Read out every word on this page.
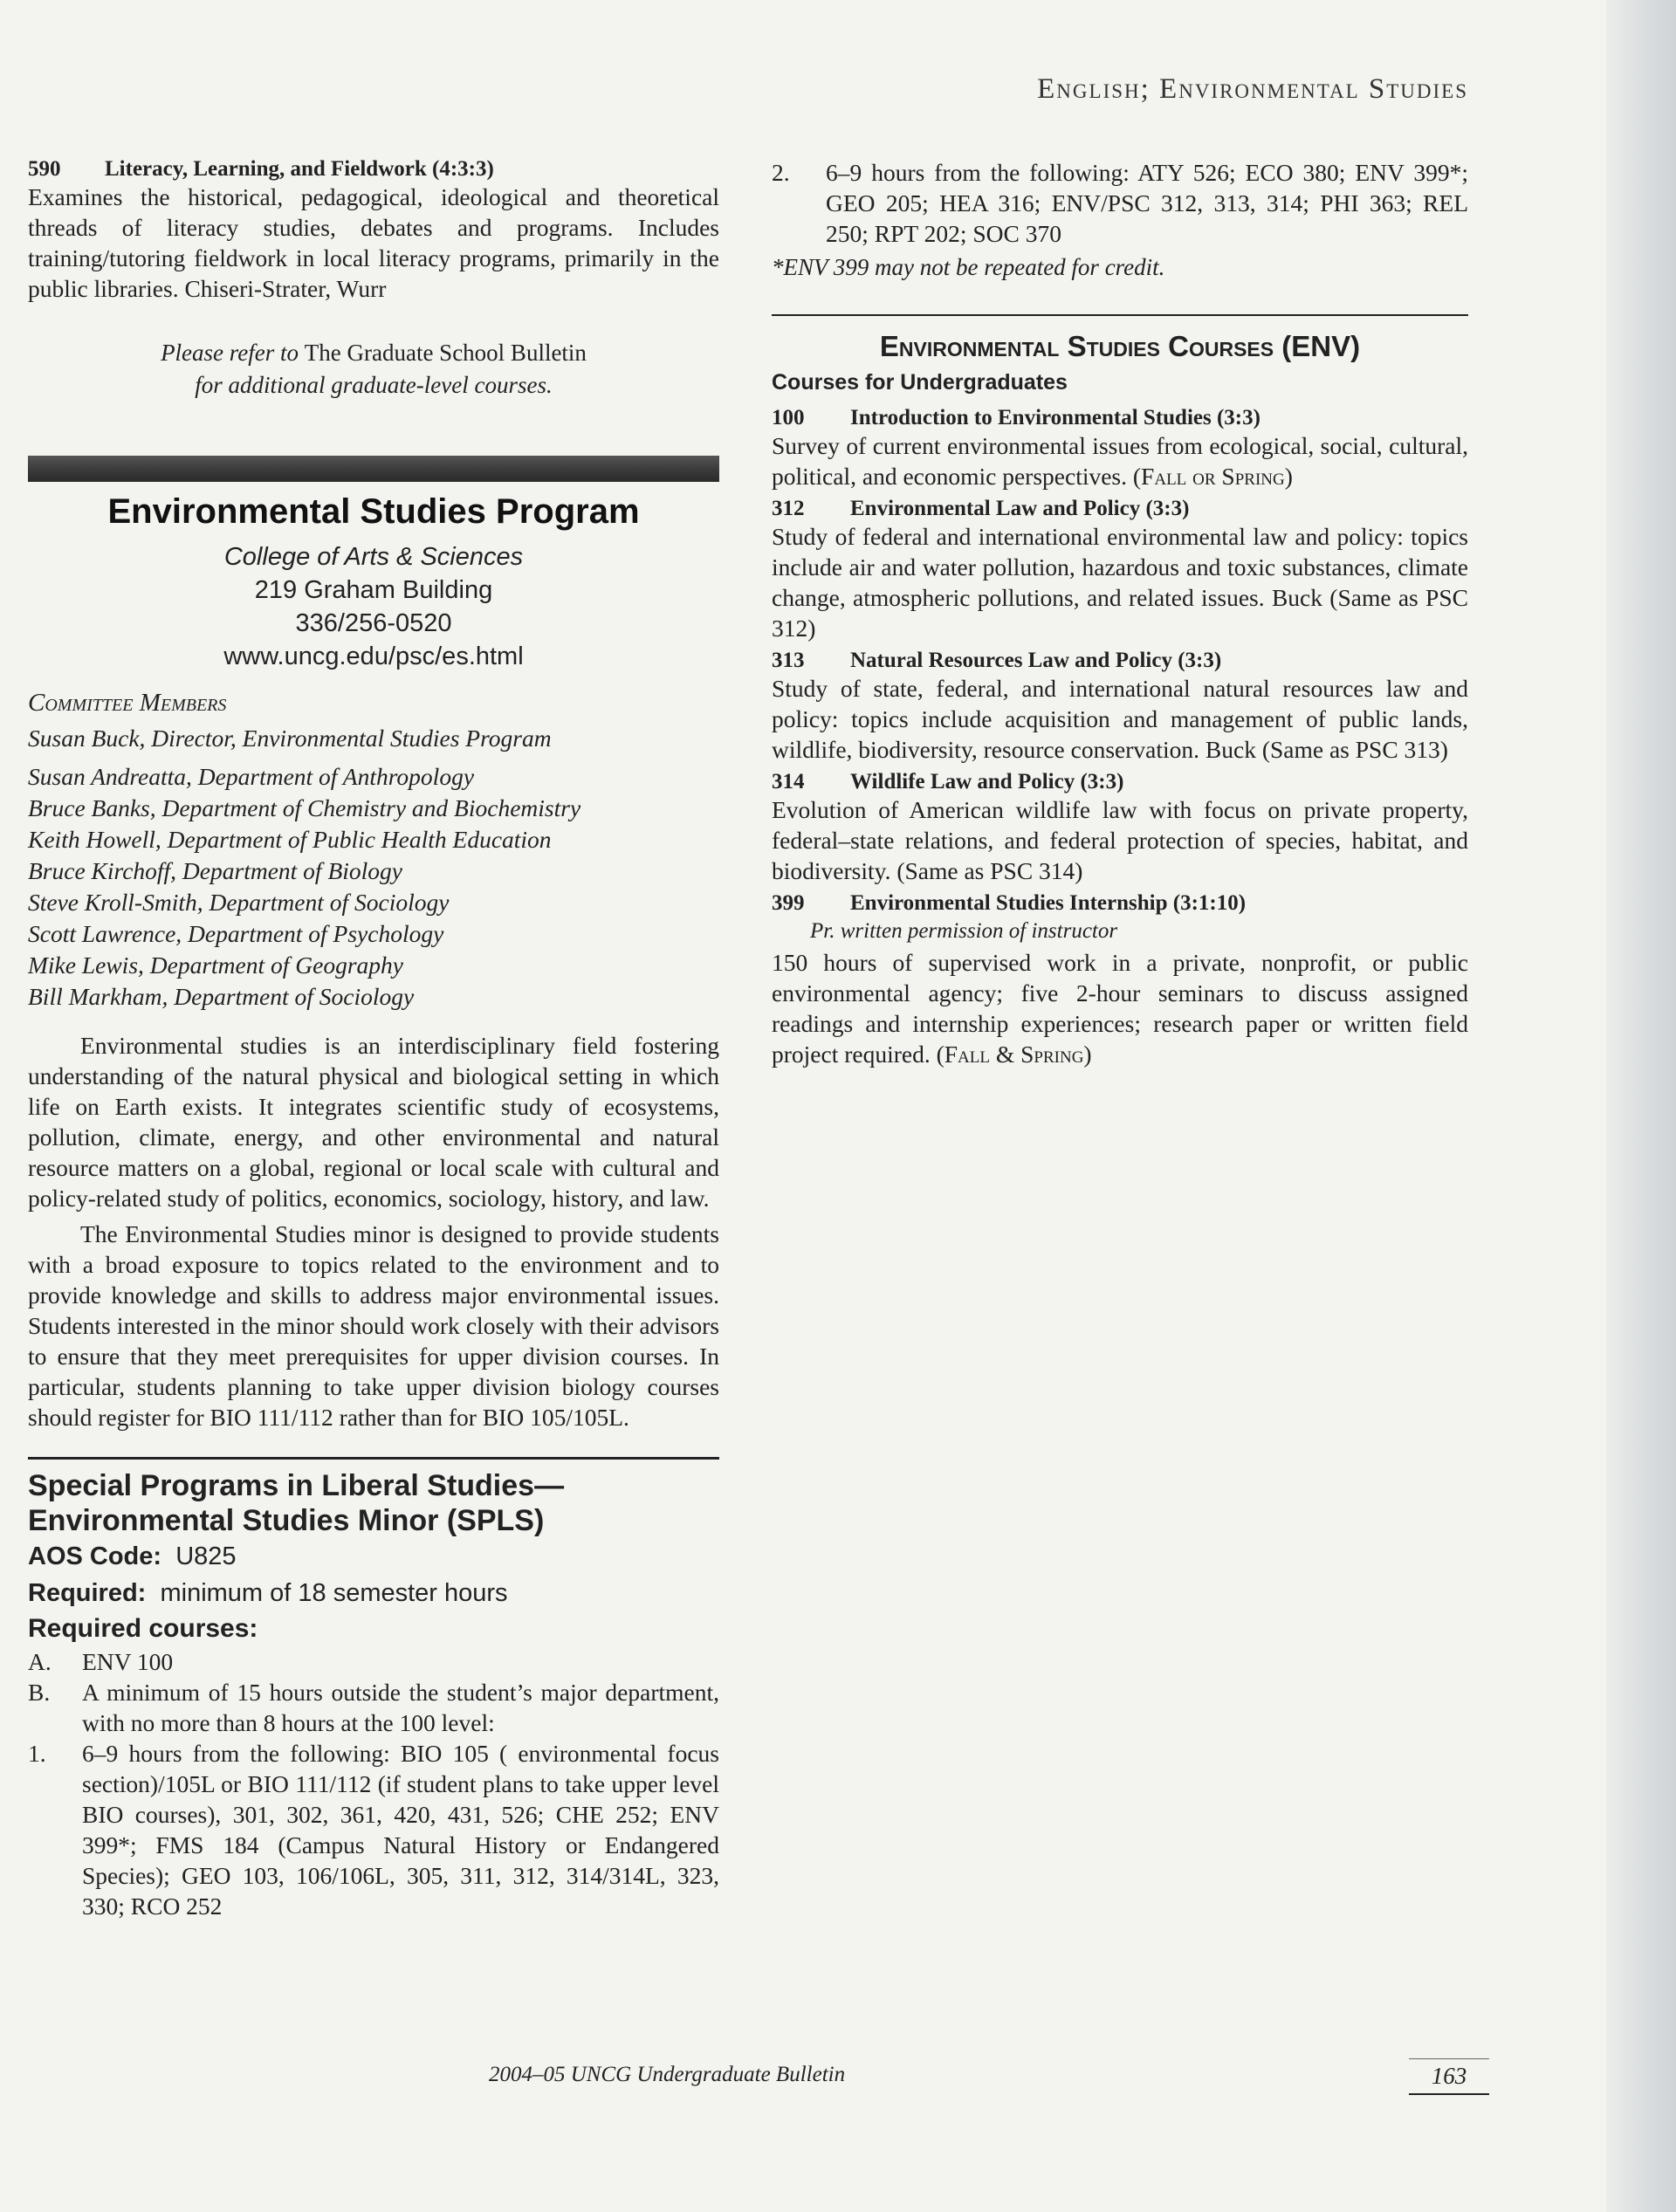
English; Environmental Studies
590 Literacy, Learning, and Fieldwork (4:3:3)

Examines the historical, pedagogical, ideological and theoretical threads of literacy studies, debates and programs. Includes training/tutoring fieldwork in local literacy programs, primarily in the public libraries. Chiseri-Strater, Wurr

Please refer to The Graduate School Bulletin
for additional graduate-level courses.
Environmental Studies Program
College of Arts & Sciences
219 Graham Building
336/256-0520
www.uncg.edu/psc/es.html
Committee Members
Susan Buck, Director, Environmental Studies Program
Susan Andreatta, Department of Anthropology
Bruce Banks, Department of Chemistry and Biochemistry
Keith Howell, Department of Public Health Education
Bruce Kirchoff, Department of Biology
Steve Kroll-Smith, Department of Sociology
Scott Lawrence, Department of Psychology
Mike Lewis, Department of Geography
Bill Markham, Department of Sociology

Environmental studies is an interdisciplinary field fostering understanding of the natural physical and biological setting in which life on Earth exists. It integrates scientific study of ecosystems, pollution, climate, energy, and other environmental and natural resource matters on a global, regional or local scale with cultural and policy-related study of politics, economics, sociology, history, and law.

The Environmental Studies minor is designed to provide students with a broad exposure to topics related to the environment and to provide knowledge and skills to address major environmental issues. Students interested in the minor should work closely with their advisors to ensure that they meet prerequisites for upper division courses. In particular, students planning to take upper division biology courses should register for BIO 111/112 rather than for BIO 105/105L.

Special Programs in Liberal Studies—
Environmental Studies Minor (SPLS)
AOS Code: U825
Required: minimum of 18 semester hours
Required courses:
A.	ENV 100
B.	A minimum of 15 hours outside the student’s major department, with no more than 8 hours at the 100 level:
1.	6–9 hours from the following: BIO 105 ( environmental focus section)/105L or BIO 111/112 (if student plans to take upper level BIO courses), 301, 302, 361, 420, 431, 526; CHE 252; ENV 399*; FMS 184 (Campus Natural History or Endangered Species); GEO 103, 106/106L, 305, 311, 312, 314/314L, 323, 330; RCO 252
2.	6–9 hours from the following: ATY 526; ECO 380; ENV 399*; GEO 205; HEA 316; ENV/PSC 312, 313, 314; PHI 363; REL 250; RPT 202; SOC 370
*ENV 399 may not be repeated for credit.
Environmental Studies Courses (ENV)
Courses for Undergraduates
100 Introduction to Environmental Studies (3:3)

Survey of current environmental issues from ecological, social, cultural, political, and economic perspectives. (Fall or Spring)

312 Environmental Law and Policy (3:3)

Study of federal and international environmental law and policy: topics include air and water pollution, hazardous and toxic substances, climate change, atmospheric pollutions, and related issues. Buck (Same as PSC 312)

313 Natural Resources Law and Policy (3:3)

Study of state, federal, and international natural resources law and policy: topics include acquisition and management of public lands, wildlife, biodiversity, resource conservation. Buck (Same as PSC 313)

314 Wildlife Law and Policy (3:3)

Evolution of American wildlife law with focus on private property, federal–state relations, and federal protection of species, habitat, and biodiversity. (Same as PSC 314)

399 Environmental Studies Internship (3:1:10)
Pr. written permission of instructor

150 hours of supervised work in a private, nonprofit, or public environmental agency; five 2-hour seminars to discuss assigned readings and internship experiences; research paper or written field project required. (Fall & Spring)

2004–05 UNCG Undergraduate Bulletin	163
